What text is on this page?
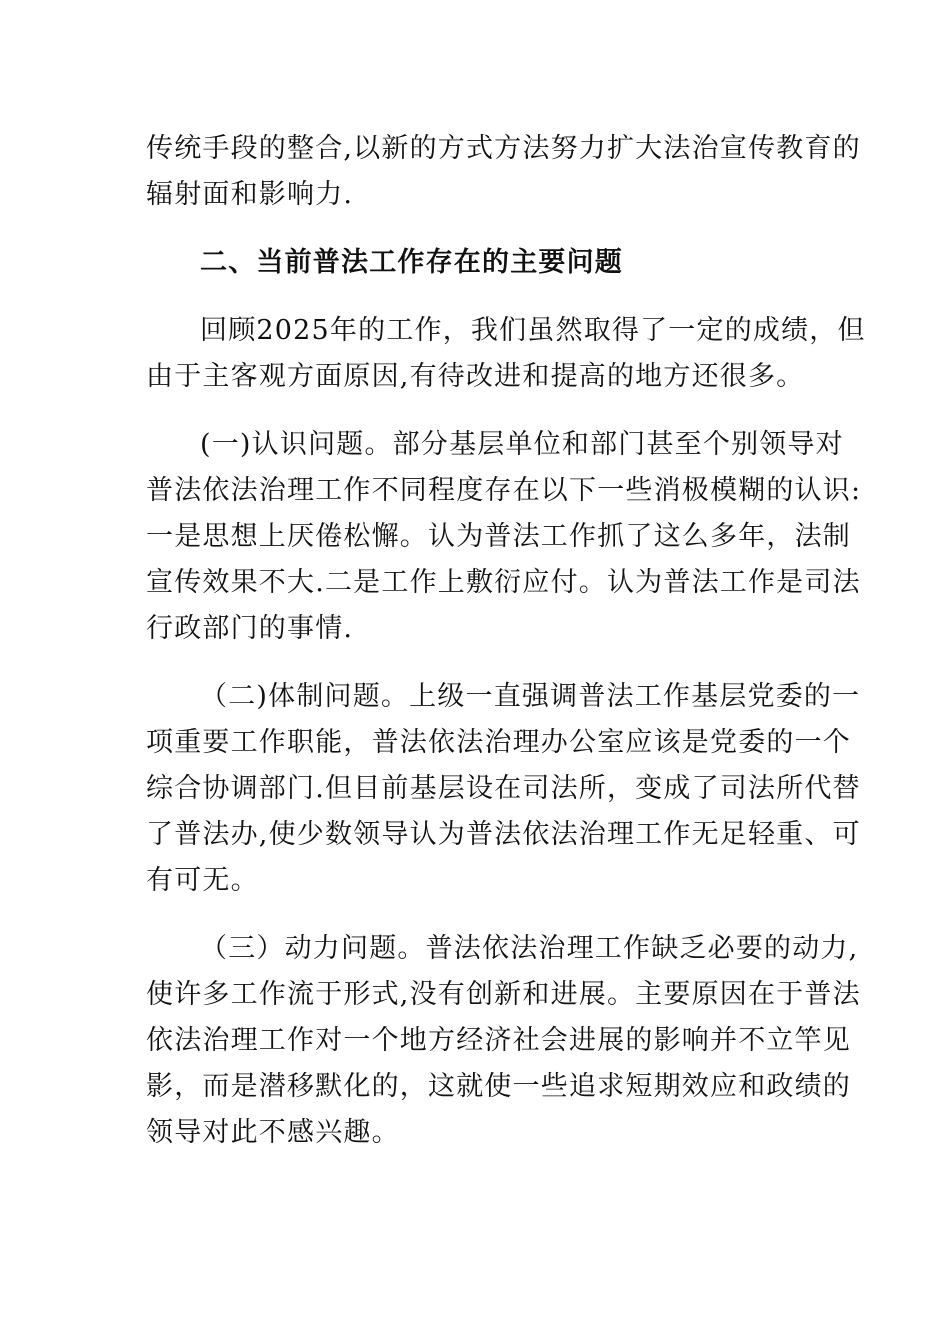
传统手段的整合,以新的方式方法努力扩大法治宣传教育的
辐射面和影响力.
二、当前普法工作存在的主要问题
回顾2025年的工作，我们虽然取得了一定的成绩，但
由于主客观方面原因,有待改进和提高的地方还很多。
(一)认识问题。部分基层单位和部门甚至个别领导对
普法依法治理工作不同程度存在以下一些消极模糊的认识:
一是思想上厌倦松懈。认为普法工作抓了这么多年，法制
宣传效果不大.二是工作上敷衍应付。认为普法工作是司法
行政部门的事情.
（二)体制问题。上级一直强调普法工作基层党委的一
项重要工作职能，普法依法治理办公室应该是党委的一个
综合协调部门.但目前基层设在司法所，变成了司法所代替
了普法办,使少数领导认为普法依法治理工作无足轻重、可
有可无。
（三）动力问题。普法依法治理工作缺乏必要的动力,
使许多工作流于形式,没有创新和进展。主要原因在于普法
依法治理工作对一个地方经济社会进展的影响并不立竿见
影，而是潜移默化的，这就使一些追求短期效应和政绩的
领导对此不感兴趣。
